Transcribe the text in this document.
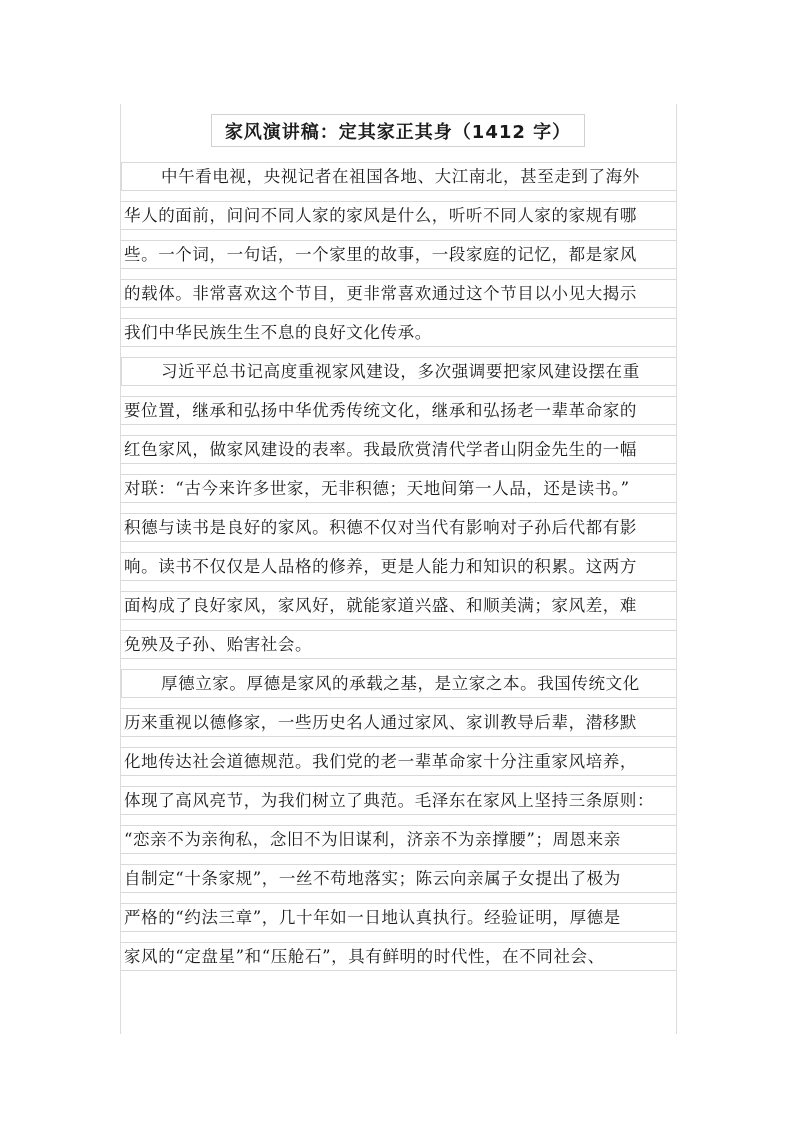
家风演讲稿：定其家正其身（1412 字）
中午看电视，央视记者在祖国各地、大江南北，甚至走到了海外
华人的面前，问问不同人家的家风是什么，听听不同人家的家规有哪
些。一个词，一句话，一个家里的故事，一段家庭的记忆，都是家风
的载体。非常喜欢这个节目，更非常喜欢通过这个节目以小见大揭示
我们中华民族生生不息的良好文化传承。
习近平总书记高度重视家风建设，多次强调要把家风建设摆在重
要位置，继承和弘扬中华优秀传统文化，继承和弘扬老一辈革命家的
红色家风，做家风建设的表率。我最欣赏清代学者山阴金先生的一幅
对联：“古今来许多世家，无非积德；天地间第一人品，还是读书。”
积德与读书是良好的家风。积德不仅对当代有影响对子孙后代都有影
响。读书不仅仅是人品格的修养，更是人能力和知识的积累。这两方
面构成了良好家风，家风好，就能家道兴盛、和顺美满；家风差，难
免殃及子孙、贻害社会。
厚德立家。厚德是家风的承载之基，是立家之本。我国传统文化
历来重视以德修家，一些历史名人通过家风、家训教导后辈，潜移默
化地传达社会道德规范。我们党的老一辈革命家十分注重家风培养，
体现了高风亮节，为我们树立了典范。毛泽东在家风上坚持三条原则：
“恋亲不为亲徇私，念旧不为旧谋利，济亲不为亲撑腰”；周恩来亲
自制定“十条家规”，一丝不苟地落实；陈云向亲属子女提出了极为
严格的“约法三章”，几十年如一日地认真执行。经验证明，厚德是
家风的“定盘星”和“压舱石”，具有鲜明的时代性，在不同社会、
